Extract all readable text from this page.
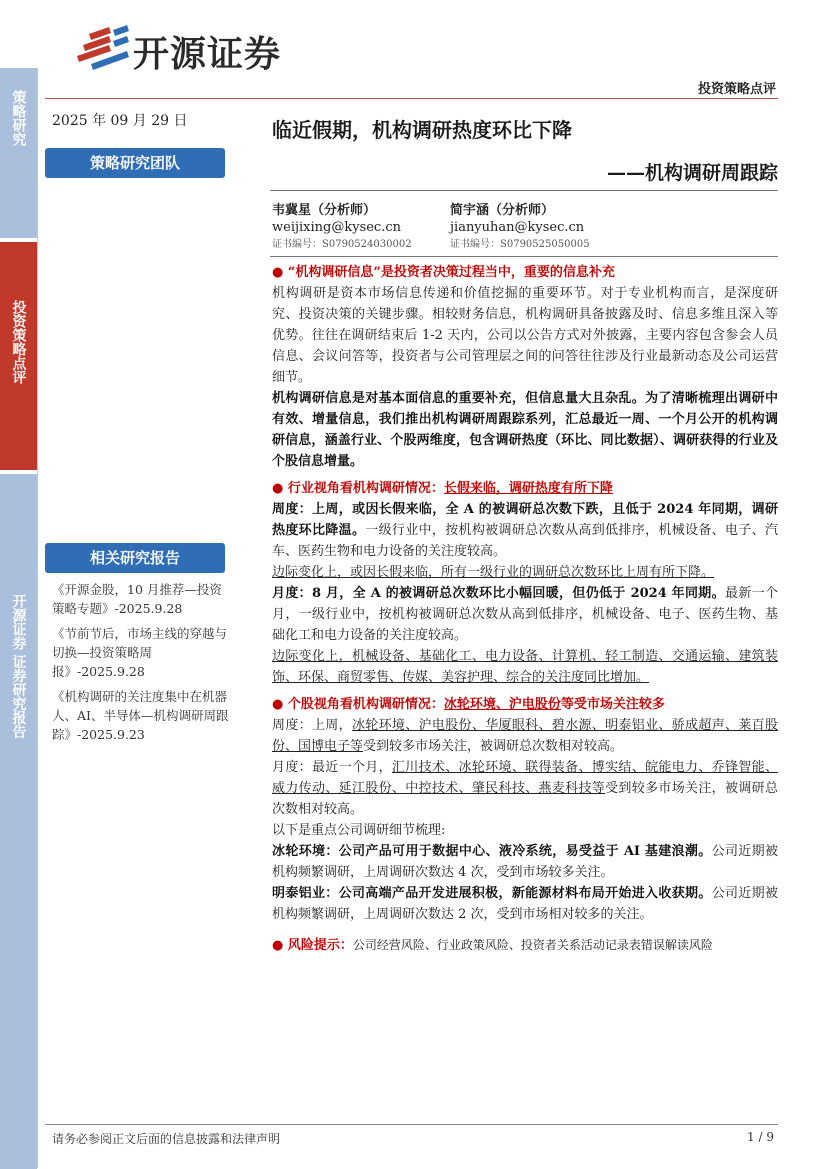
策略研究
投资策略点评
开源证券 证券研究报告
开源证券
投资策略点评
2025 年 09 月 29 日
策略研究团队
相关研究报告

《开源金股，10 月推荐—投资策略专题》-2025.9.28

《节前节后，市场主线的穿越与切换—投资策略周报》-2025.9.28

《机构调研的关注度集中在机器人、AI、半导体—机构调研周跟踪》-2025.9.23

临近假期，机构调研热度环比下降
——机构调研周跟踪
韦冀星（分析师）
weijixing@kysec.cn
证书编号：S0790524030002
简宇涵（分析师）
jianyuhan@kysec.cn
证书编号：S0790525050005

● “机构调研信息”是投资者决策过程当中，重要的信息补充

机构调研是资本市场信息传递和价值挖掘的重要环节。对于专业机构而言，是深度研究、投资决策的关键步骤。相较财务信息，机构调研具备披露及时、信息多维且深入等优势。往往在调研结束后 1-2 天内，公司以公告方式对外披露，主要内容包含参会人员信息、会议问答等，投资者与公司管理层之间的问答往往涉及行业最新动态及公司运营细节。

机构调研信息是对基本面信息的重要补充，但信息量大且杂乱。为了清晰梳理出调研中有效、增量信息，我们推出机构调研周跟踪系列，汇总最近一周、一个月公开的机构调研信息，涵盖行业、个股两维度，包含调研热度（环比、同比数据）、调研获得的行业及个股信息增量。

● 行业视角看机构调研情况：长假来临，调研热度有所下降

周度：上周，或因长假来临，全 A 的被调研总次数下跌，且低于 2024 年同期，调研热度环比降温。一级行业中，按机构被调研总次数从高到低排序，机械设备、电子、汽车、医药生物和电力设备的关注度较高。

边际变化上，或因长假来临，所有一级行业的调研总次数环比上周有所下降。

月度：8 月，全 A 的被调研总次数环比小幅回暖，但仍低于 2024 年同期。最新一个月，一级行业中，按机构被调研总次数从高到低排序，机械设备、电子、医药生物、基础化工和电力设备的关注度较高。

边际变化上，机械设备、基础化工、电力设备、计算机、轻工制造、交通运输、建筑装饰、环保、商贸零售、传媒、美容护理、综合的关注度同比增加。

● 个股视角看机构调研情况：冰轮环境、沪电股份等受市场关注较多

周度：上周，冰轮环境、沪电股份、华厦眼科、碧水源、明泰铝业、骄成超声、莱百股份、国博电子等受到较多市场关注，被调研总次数相对较高。

月度：最近一个月，汇川技术、冰轮环境、联得装备、博实结、皖能电力、乔锋智能、威力传动、延江股份、中控技术、肇民科技、燕麦科技等受到较多市场关注，被调研总次数相对较高。

以下是重点公司调研细节梳理:

冰轮环境：公司产品可用于数据中心、液冷系统，易受益于 AI 基建浪潮。公司近期被机构频繁调研，上周调研次数达 4 次，受到市场较多关注。

明泰铝业：公司高端产品开发进展积极，新能源材料布局开始进入收获期。公司近期被机构频繁调研，上周调研次数达 2 次，受到市场相对较多的关注。

● 风险提示：公司经营风险、行业政策风险、投资者关系活动记录表错误解读风险

请务必参阅正文后面的信息披露和法律声明	1 / 9
